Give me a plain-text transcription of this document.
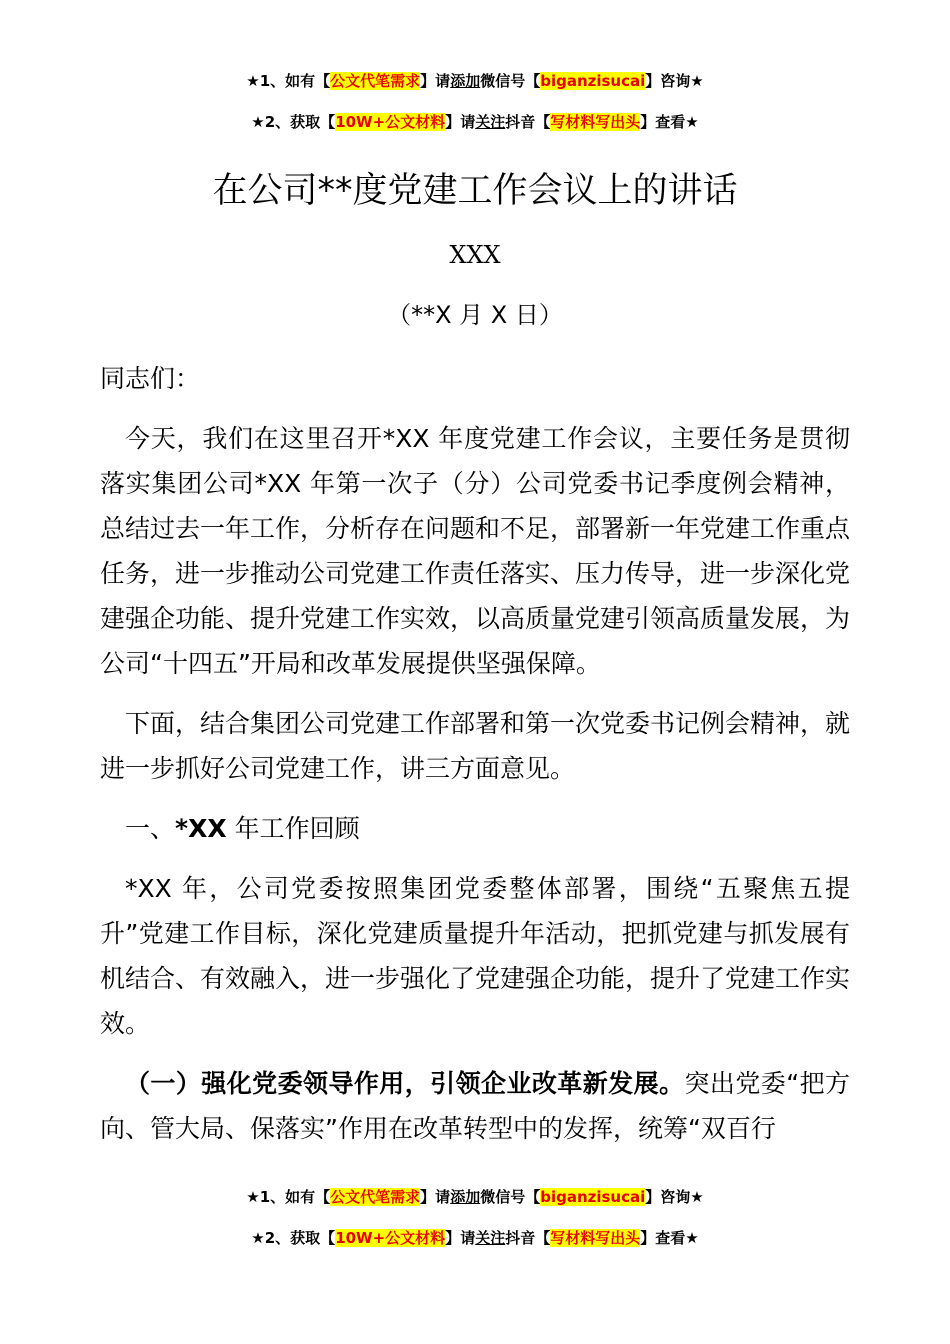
★1、如有【公文代笔需求】请添加微信号【biganzisucai】咨询★
★2、获取【10W+公文材料】请关注抖音【写材料写出头】查看★
在公司**度党建工作会议上的讲话
XXX
（**X 月 X 日）

同志们：

今天，我们在这里召开*XX 年度党建工作会议，主要任务是贯彻落实集团公司*XX 年第一次子（分）公司党委书记季度例会精神，总结过去一年工作，分析存在问题和不足，部署新一年党建工作重点任务，进一步推动公司党建工作责任落实、压力传导，进一步深化党建强企功能、提升党建工作实效，以高质量党建引领高质量发展，为公司“十四五”开局和改革发展提供坚强保障。

下面，结合集团公司党建工作部署和第一次党委书记例会精神，就进一步抓好公司党建工作，讲三方面意见。

一、*XX 年工作回顾

*XX 年，公司党委按照集团党委整体部署，围绕“五聚焦五提升”党建工作目标，深化党建质量提升年活动，把抓党建与抓发展有机结合、有效融入，进一步强化了党建强企功能，提升了党建工作实效。

（一）强化党委领导作用，引领企业改革新发展。突出党委“把方向、管大局、保落实”作用在改革转型中的发挥，统筹“双百行

★1、如有【公文代笔需求】请添加微信号【biganzisucai】咨询★
★2、获取【10W+公文材料】请关注抖音【写材料写出头】查看★
